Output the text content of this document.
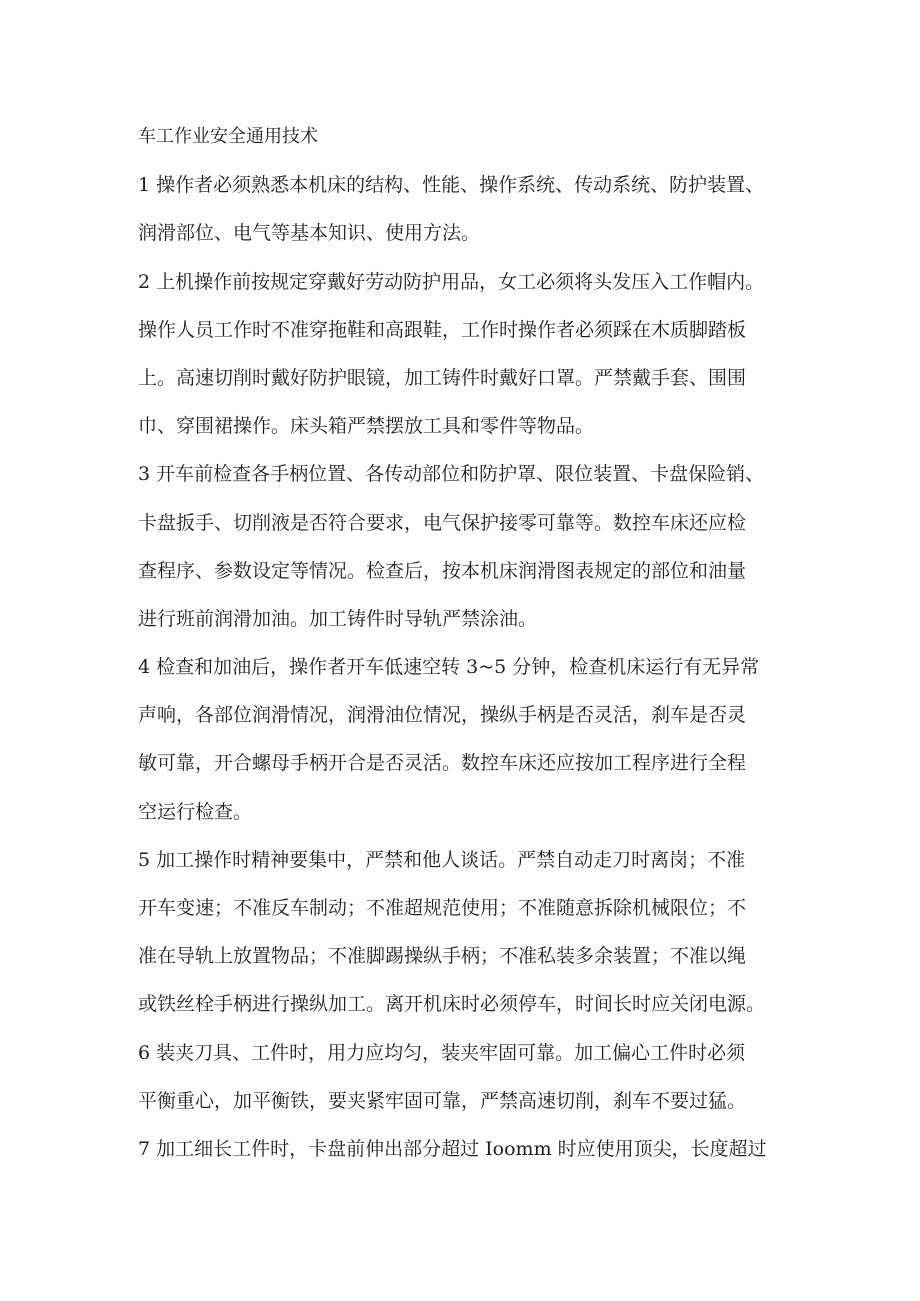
车工作业安全通用技术
1 操作者必须熟悉本机床的结构、性能、操作系统、传动系统、防护装置、
润滑部位、电气等基本知识、使用方法。
2 上机操作前按规定穿戴好劳动防护用品，女工必须将头发压入工作帽内。
操作人员工作时不准穿拖鞋和高跟鞋，工作时操作者必须踩在木质脚踏板
上。高速切削时戴好防护眼镜，加工铸件时戴好口罩。严禁戴手套、围围
巾、穿围裙操作。床头箱严禁摆放工具和零件等物品。
3 开车前检查各手柄位置、各传动部位和防护罩、限位装置、卡盘保险销、
卡盘扳手、切削液是否符合要求，电气保护接零可靠等。数控车床还应检
查程序、参数设定等情况。检查后，按本机床润滑图表规定的部位和油量
进行班前润滑加油。加工铸件时导轨严禁涂油。
4 检查和加油后，操作者开车低速空转 3~5 分钟，检查机床运行有无异常
声响，各部位润滑情况，润滑油位情况，操纵手柄是否灵活，刹车是否灵
敏可靠，开合螺母手柄开合是否灵活。数控车床还应按加工程序进行全程
空运行检查。
5 加工操作时精神要集中，严禁和他人谈话。严禁自动走刀时离岗；不准
开车变速；不准反车制动；不准超规范使用；不准随意拆除机械限位；不
准在导轨上放置物品；不准脚踢操纵手柄；不准私装多余装置；不准以绳
或铁丝栓手柄进行操纵加工。离开机床时必须停车，时间长时应关闭电源。
6 装夹刀具、工件时，用力应均匀，装夹牢固可靠。加工偏心工件时必须
平衡重心，加平衡铁，要夹紧牢固可靠，严禁高速切削，刹车不要过猛。
7 加工细长工件时，卡盘前伸出部分超过 Ioomm 时应使用顶尖，长度超过
